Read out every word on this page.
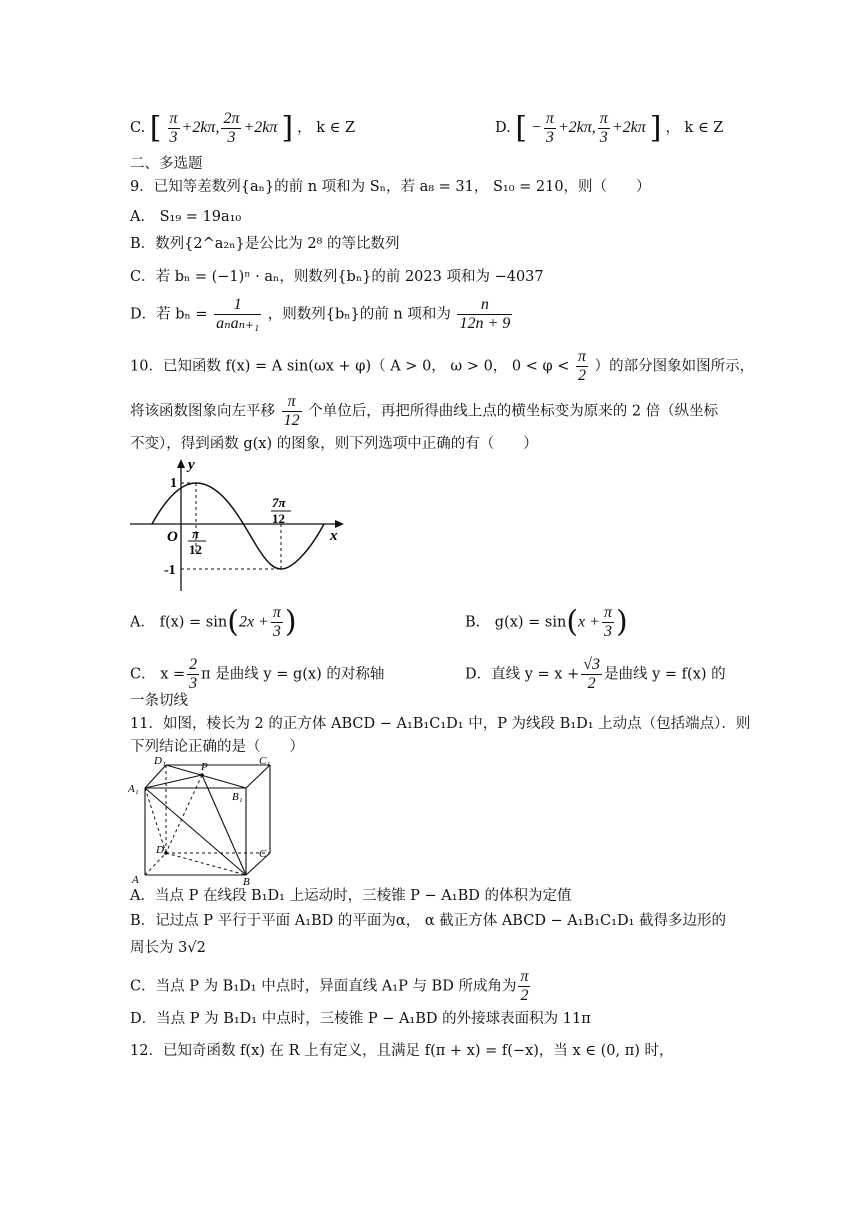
C. [ $\frac{\pi}{3} +2k\pi$, $\frac{2\pi}{3} +2k\pi$ ] ， k ∈ Z	D. [ − $\frac{\pi}{3} +2k\pi$, $\frac{\pi}{3} +2k\pi$ ] ， k ∈ Z
二、多选题
9．已知等差数列{aₙ}的前 n 项和为 Sₙ，若 a₈ = 31， S₁₀ = 210，则（　　）
A． S₁₉ = 19a₁₀
B．数列{2^a₂ₙ}是公比为 2⁸ 的等比数列
C．若 bₙ = (−1)ⁿ · aₙ，则数列{bₙ}的前 2023 项和为 −4037
D．若 $b_n = \frac{1}{\text{aₙaₙ₊₁}}$ ，则数列{bₙ}的前 n 项和为 $\frac{n}{12n + 9}$
10．已知函数 f(x) = A sin(ωx + φ)（ A > 0， ω > 0， $0 < \varphi < \frac{\pi}{2}$ ）的部分图象如图所示，
将该函数图象向左平移 $\frac{\pi}{12}$ 个单位后，再把所得曲线上点的横坐标变为原来的 2 倍（纵坐标
不变），得到函数 g(x) 的图象，则下列选项中正确的有（　　）
y
x
O
1
-1
π
12
7π
12
A． $f(x) = \sin(2x + \frac{\pi}{3}$ )	B． $g(x) = \sin(x + \frac{\pi}{3}$ )
C． $x = \frac{2}{3}$ π 是曲线 y = g(x) 的对称轴	D．直线 $y = x + \frac{√3}{2}$ 是曲线 y = f(x) 的
一条切线
11．如图，棱长为 2 的正方体 ABCD − A₁B₁C₁D₁ 中，P 为线段 B₁D₁ 上动点（包括端点）．则
下列结论正确的是（　　）
D₁	P	C₁
A₁
B₁
D	C
A	B
A．当点 P 在线段 B₁D₁ 上运动时，三棱锥 P − A₁BD 的体积为定值
B．记过点 P 平行于平面 A₁BD 的平面为α， α 截正方体 ABCD − A₁B₁C₁D₁ 截得多边形的
周长为 3√2
C．当点 P 为 B₁D₁ 中点时，异面直线 A₁P 与 BD 所成角为 $\frac{\pi}{2}$
D．当点 P 为 B₁D₁ 中点时，三棱锥 P − A₁BD 的外接球表面积为 11π
12．已知奇函数 f(x) 在 R 上有定义，且满足 f(π + x) = f(−x)，当 x ∈ (0, π) 时，
